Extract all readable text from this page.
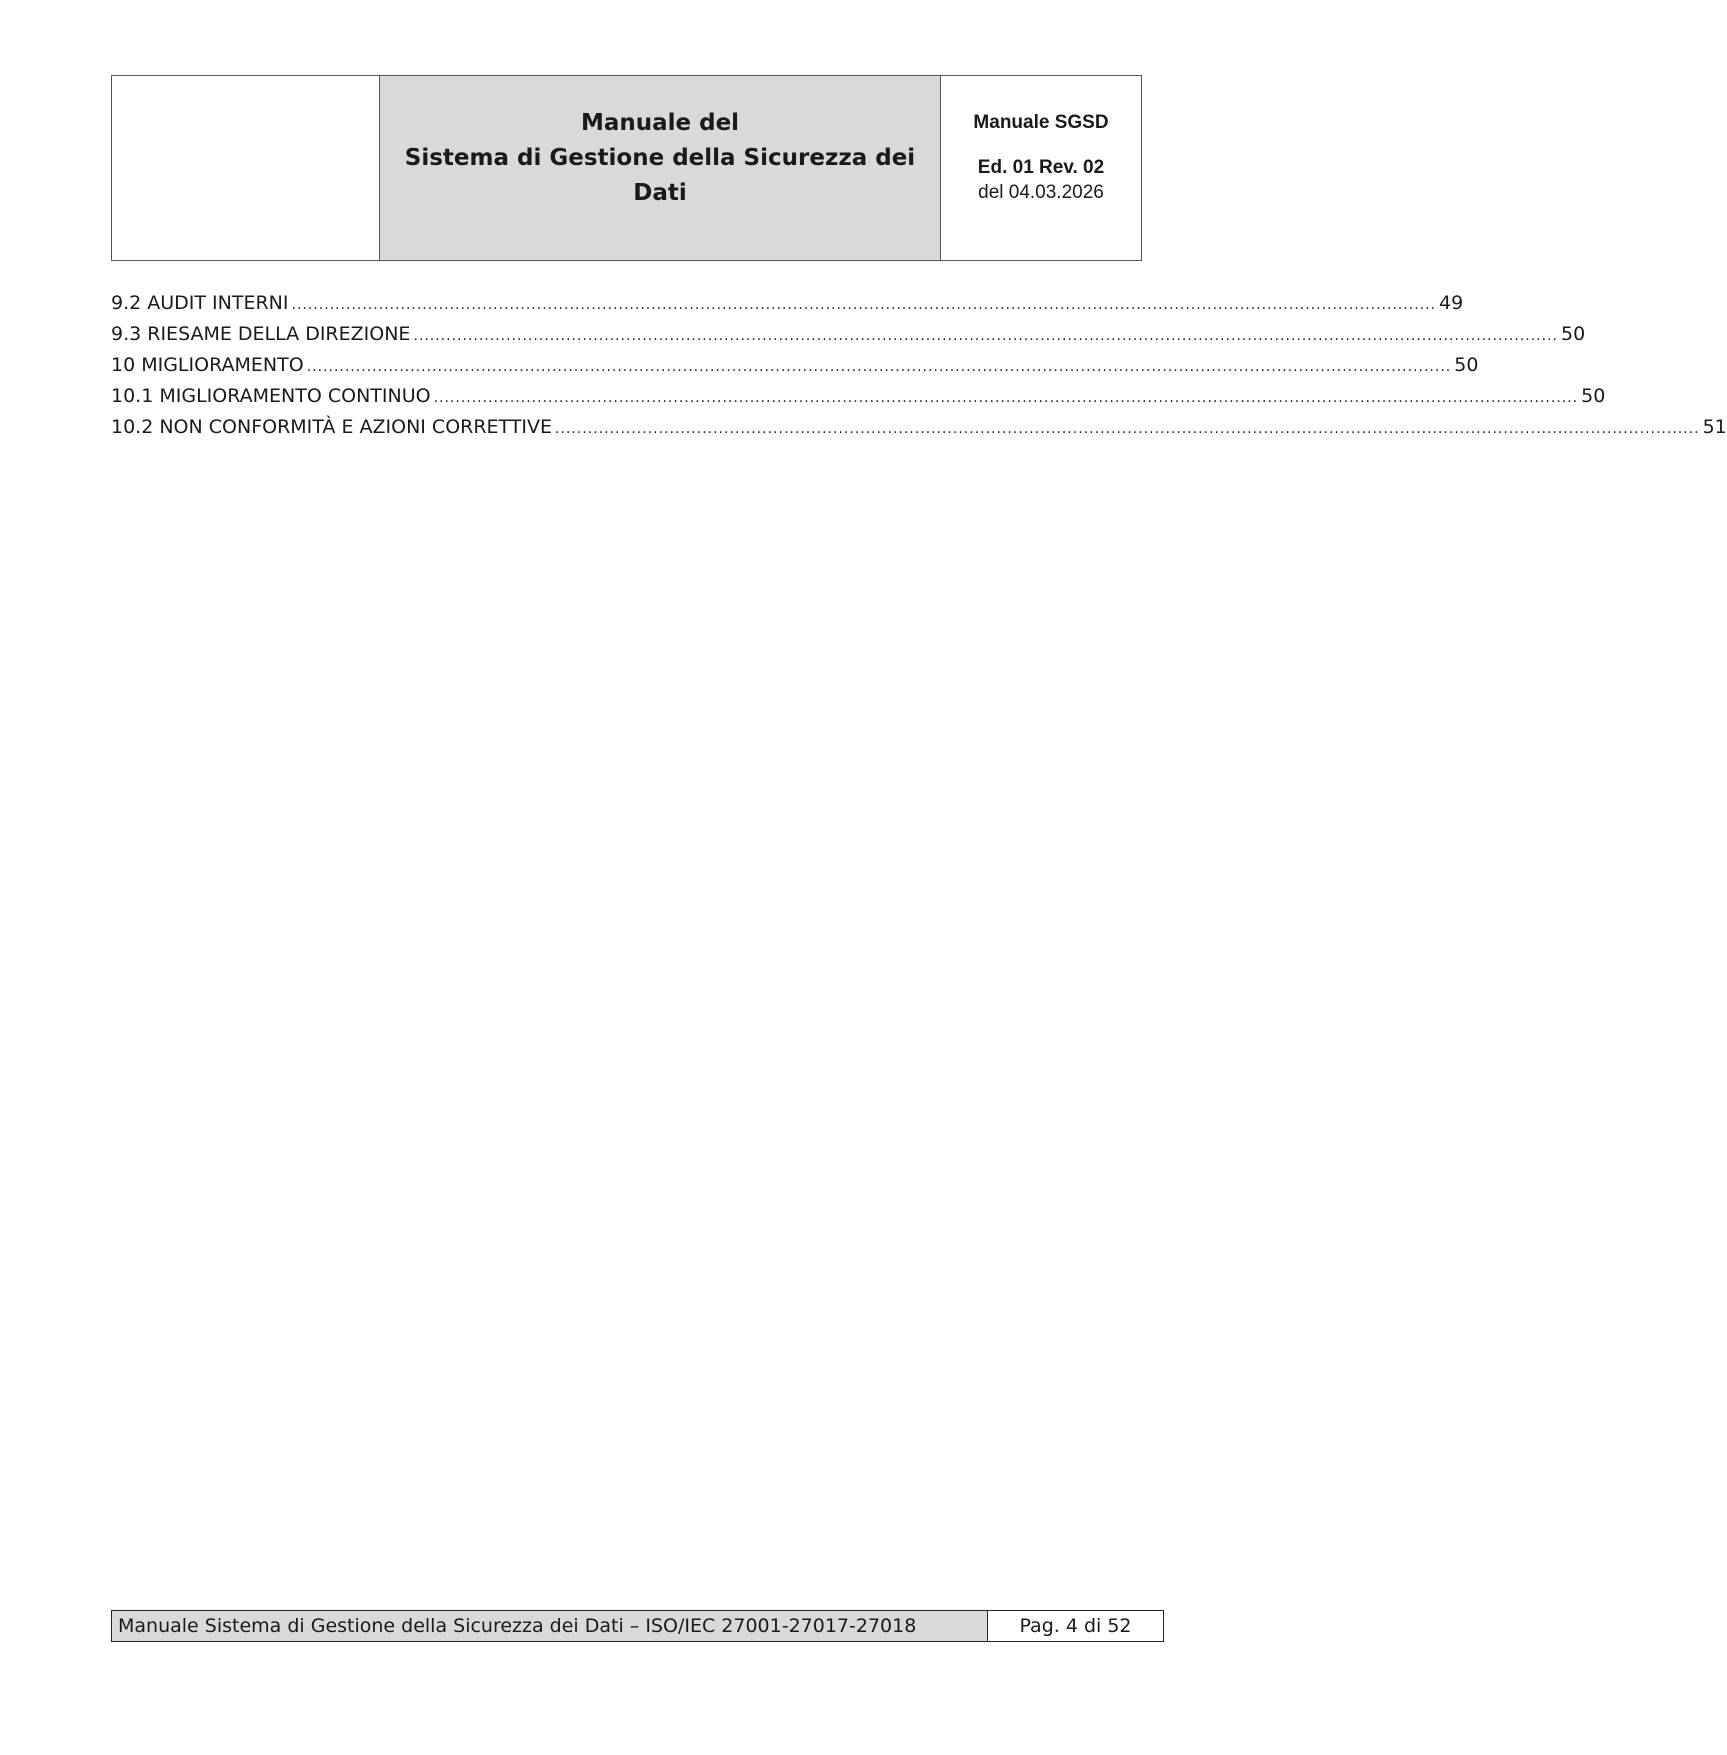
Manuale del
Sistema di Gestione della Sicurezza dei Dati
Manuale SGSD
Ed. 01 Rev. 02
del 04.03.2026
9.2 AUDIT INTERNI .................................................................................................................................................................................................................. 49
9.3 RIESAME DELLA DIREZIONE .................................................................................................................................................................................................................. 50
10 MIGLIORAMENTO .................................................................................................................................................................................................................. 50
10.1 MIGLIORAMENTO CONTINUO .................................................................................................................................................................................................................. 50
10.2 NON CONFORMITÀ E AZIONI CORRETTIVE .................................................................................................................................................................................................................. 51
Manuale Sistema di Gestione della Sicurezza dei Dati – ISO/IEC 27001-27017-27018	Pag. 4 di 52
